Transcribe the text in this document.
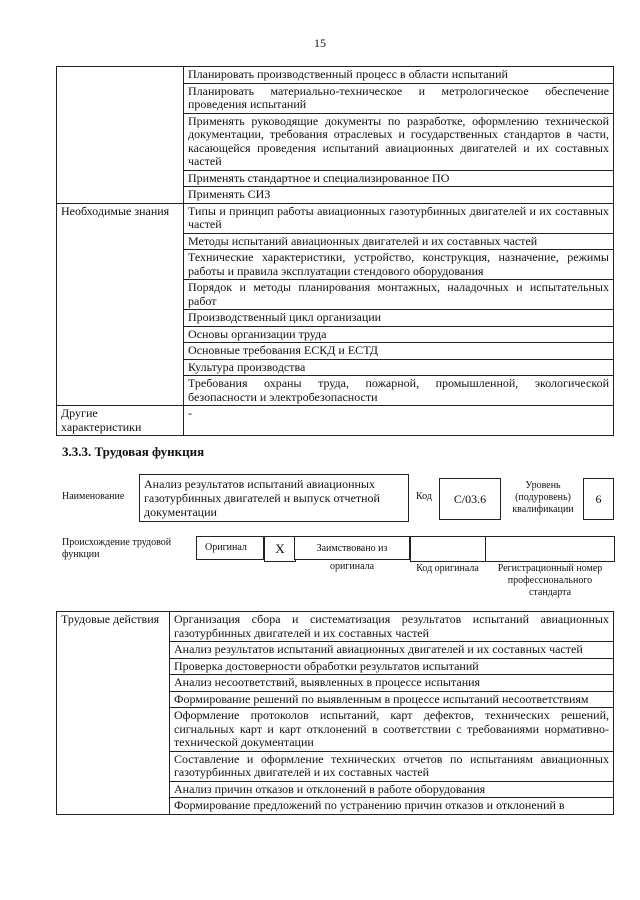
15
	Планировать производственный процесс в области испытаний
	Планировать материально-техническое и метрологическое обеспечение проведения испытаний
	Применять руководящие документы по разработке, оформлению технической документации, требования отраслевых и государственных стандартов в части, касающейся проведения испытаний авиационных двигателей и их составных частей
	Применять стандартное и специализированное ПО
	Применять СИЗ
Необходимые знания	Типы и принцип работы авиационных газотурбинных двигателей и их составных частей
	Методы испытаний авиационных двигателей и их составных частей
	Технические характеристики, устройство, конструкция, назначение, режимы работы и правила эксплуатации стендового оборудования
	Порядок и методы планирования монтажных, наладочных и испытательных работ
	Производственный цикл организации
	Основы организации труда
	Основные требования ЕСКД и ЕСТД
	Культура производства
	Требования охраны труда, пожарной, промышленной, экологической безопасности и электробезопасности
Другие характеристики	-
3.3.3. Трудовая функция
Наименование
Анализ результатов испытаний авиационных газотурбинных двигателей и выпуск отчетной документации
Код	С/03.6
Уровень (подуровень) квалификации
6
Происхождение трудовой функции
Оригинал	X	Заимствовано из оригинала	Код оригинала	Регистрационный номер профессионального стандарта
Трудовые действия	Организация сбора и систематизация результатов испытаний авиационных газотурбинных двигателей и их составных частей
Анализ результатов испытаний авиационных двигателей и их составных частей
Проверка достоверности обработки результатов испытаний
Анализ несоответствий, выявленных в процессе испытания
Формирование решений по выявленным в процессе испытаний несоответствиям
Оформление протоколов испытаний, карт дефектов, технических решений, сигнальных карт и карт отклонений в соответствии с требованиями нормативно-технической документации
Составление и оформление технических отчетов по испытаниям авиационных газотурбинных двигателей и их составных частей
Анализ причин отказов и отклонений в работе оборудования
Формирование предложений по устранению причин отказов и отклонений в
